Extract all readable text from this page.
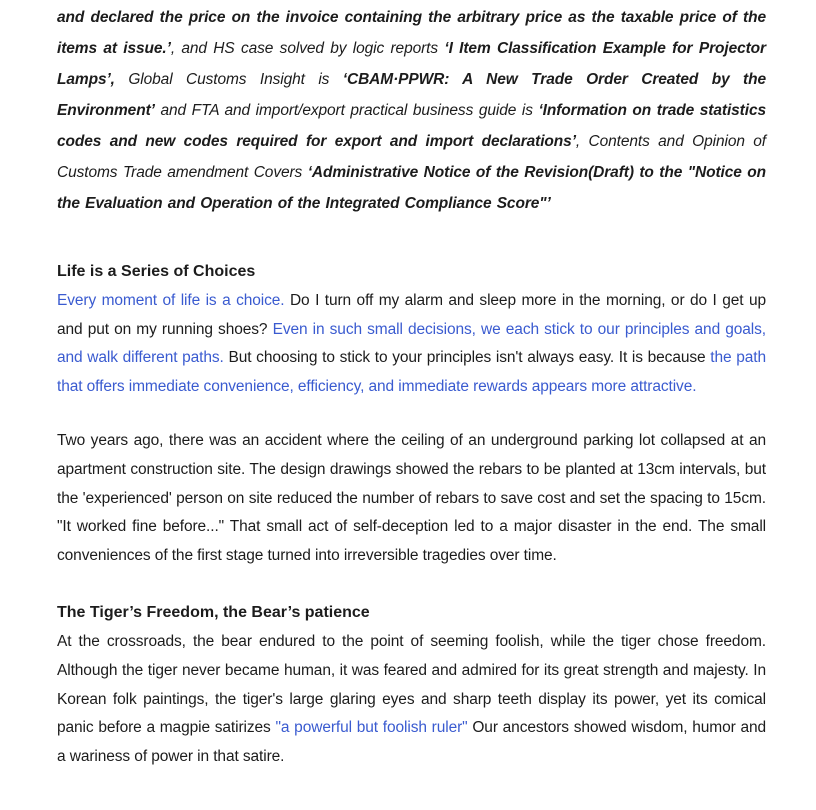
and declared the price on the invoice containing the arbitrary price as the taxable price of the items at issue.’, and HS case solved by logic reports ‘I Item Classification Example for Projector Lamps’, Global Customs Insight is ‘CBAM·PPWR: A New Trade Order Created by the Environment’ and FTA and import/export practical business guide is ‘Information on trade statistics codes and new codes required for export and import declarations’, Contents and Opinion of Customs Trade amendment Covers ‘Administrative Notice of the Revision(Draft) to the "Notice on the Evaluation and Operation of the Integrated Compliance Score"’

Life is a Series of Choices

Every moment of life is a choice. Do I turn off my alarm and sleep more in the morning, or do I get up and put on my running shoes? Even in such small decisions, we each stick to our principles and goals, and walk different paths. But choosing to stick to your principles isn't always easy. It is because the path that offers immediate convenience, efficiency, and immediate rewards appears more attractive.

Two years ago, there was an accident where the ceiling of an underground parking lot collapsed at an apartment construction site. The design drawings showed the rebars to be planted at 13cm intervals, but the 'experienced' person on site reduced the number of rebars to save cost and set the spacing to 15cm. "It worked fine before..." That small act of self-deception led to a major disaster in the end. The small conveniences of the first stage turned into irreversible tragedies over time.

The Tiger’s Freedom, the Bear’s patience

At the crossroads, the bear endured to the point of seeming foolish, while the tiger chose freedom. Although the tiger never became human, it was feared and admired for its great strength and majesty. In Korean folk paintings, the tiger's large glaring eyes and sharp teeth display its power, yet its comical panic before a magpie satirizes "a powerful but foolish ruler" Our ancestors showed wisdom, humor and a wariness of power in that satire.
